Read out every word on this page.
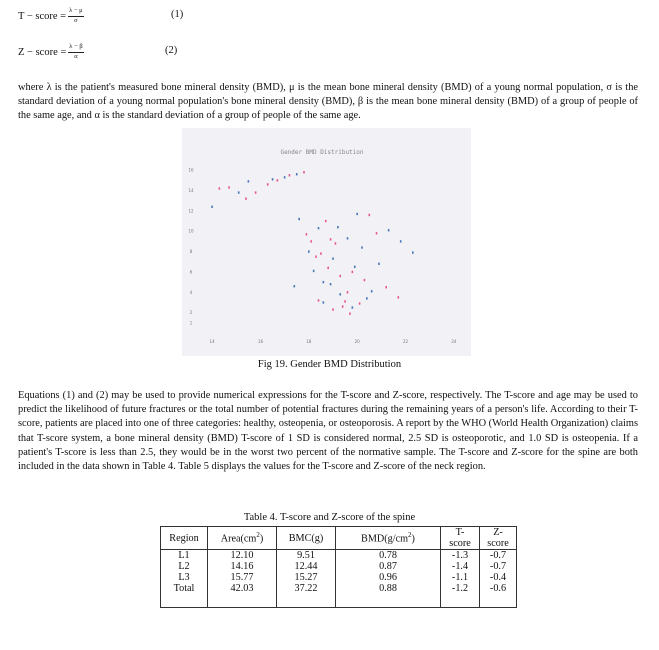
T − score = $\frac{\lambda - \mu}{\sigma}$	(1)
Z − score = $\frac{\lambda - \beta}{\alpha}$	(2)
where λ is the patient's measured bone mineral density (BMD), μ is the mean bone mineral density (BMD) of a young normal population, σ is the standard deviation of a young normal population's bone mineral density (BMD), β is the mean bone mineral density (BMD) of a group of people of the same age, and α is the standard deviation of a group of people of the same age.
Gender BMD Distribution
14	16	18	20	22	24
16
14
12
10
8
6
4
2
1
Fig 19. Gender BMD Distribution
Equations (1) and (2) may be used to provide numerical expressions for the T-score and Z-score, respectively. The T-score and age may be used to predict the likelihood of future fractures or the total number of potential fractures during the remaining years of a person's life. According to their T-score, patients are placed into one of three categories: healthy, osteopenia, or osteoporosis. A report by the WHO (World Health Organization) claims that T-score system, a bone mineral density (BMD) T-score of 1 SD is considered normal, 2.5 SD is osteoporotic, and 1.0 SD is osteopenia. If a patient's T-score is less than 2.5, they would be in the worst two percent of the normative sample. The T-score and Z-score for the spine are both included in the data shown in Table 4. Table 5 displays the values for the T-score and Z-score of the neck region.
Table 4. T-score and Z-score of the spine
Region	$Area(cm^2)$	BMC(g)	$BMD(g/cm^2)$	T-
score	Z-
score
L1	12.10	9.51	0.78	-1.3	-0.7
L2	14.16	12.44	0.87	-1.4	-0.7
L3	15.77	15.27	0.96	-1.1	-0.4
Total	42.03	37.22	0.88	-1.2	-0.6
